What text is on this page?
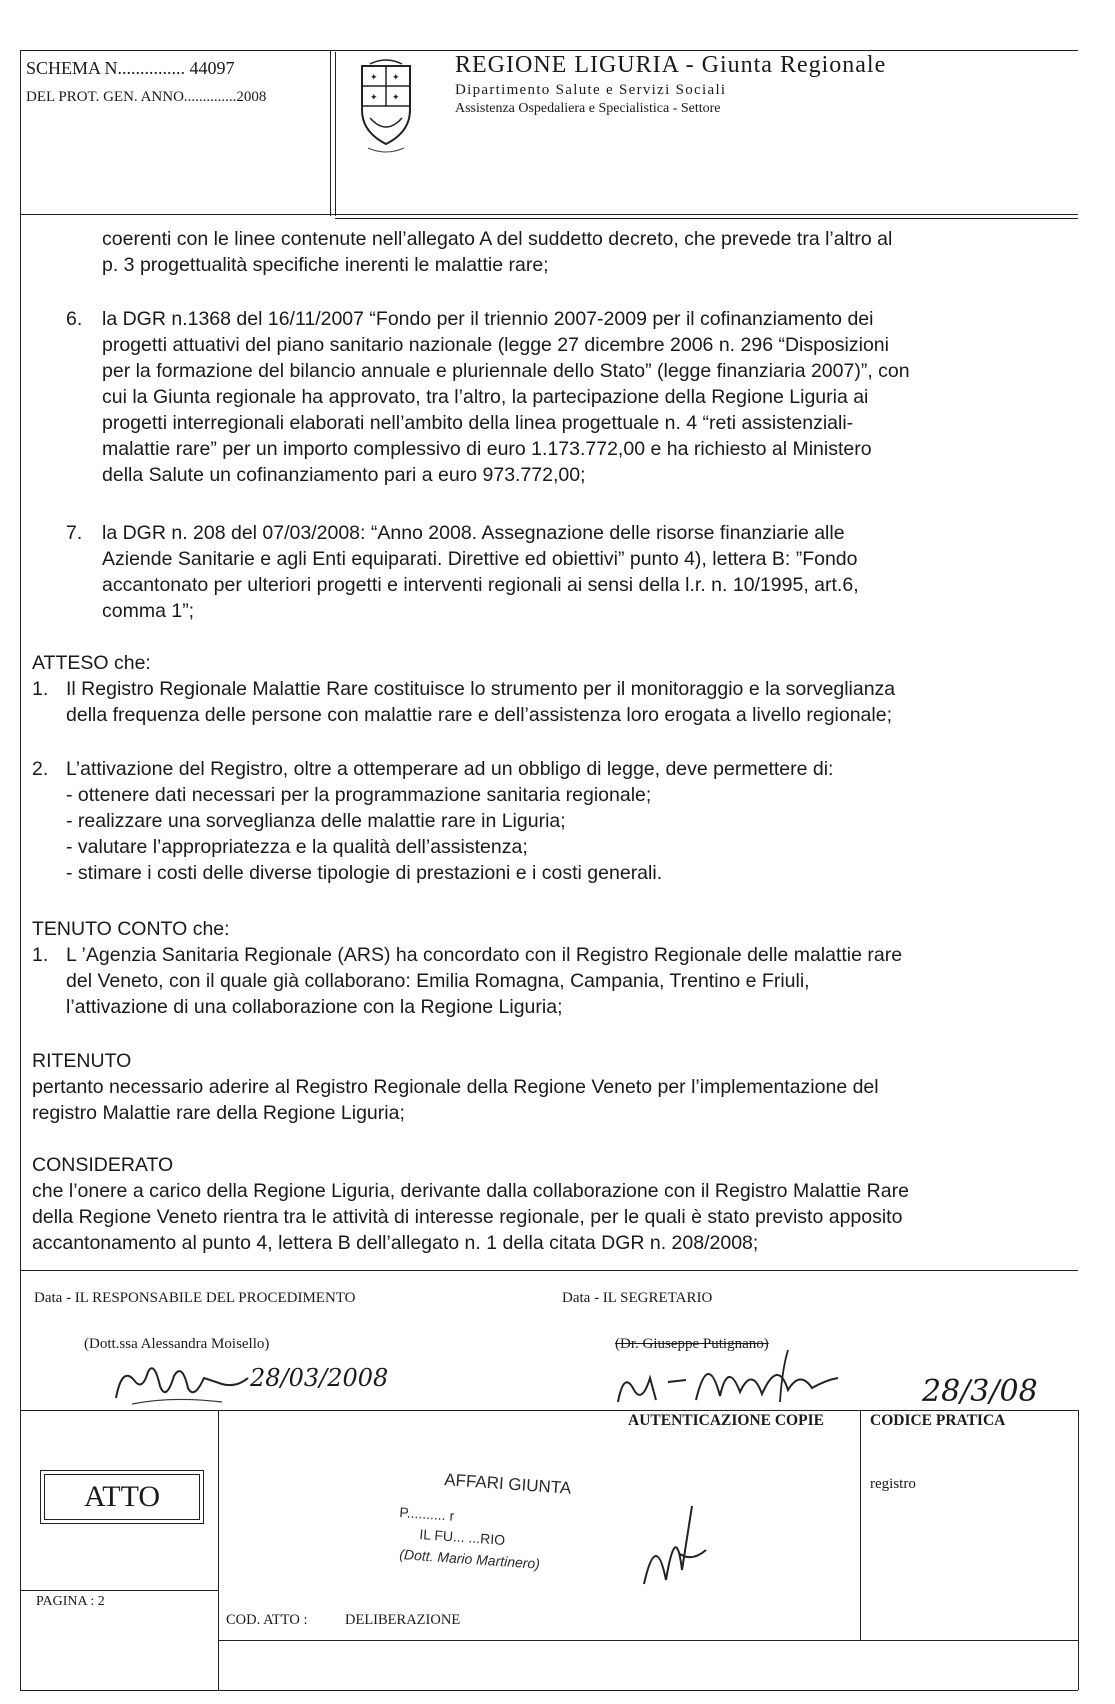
SCHEMA N............... 44097
DEL PROT. GEN. ANNO..............2008
✦ ✦
✦ ✦
REGIONE LIGURIA - Giunta Regionale
Dipartimento Salute e Servizi Sociali
Assistenza Ospedaliera e Specialistica - Settore
coerenti con le linee contenute nell’allegato A del suddetto decreto, che prevede tra l’altro al
p. 3 progettualità specifiche inerenti le malattie rare;
6. la DGR n.1368 del 16/11/2007 “Fondo per il triennio 2007-2009 per il cofinanziamento dei
progetti attuativi del piano sanitario nazionale (legge 27 dicembre 2006 n. 296 “Disposizioni
per la formazione del bilancio annuale e pluriennale dello Stato” (legge finanziaria 2007)”, con
cui la Giunta regionale ha approvato, tra l’altro, la partecipazione della Regione Liguria ai
progetti interregionali elaborati nell’ambito della linea progettuale n. 4 “reti assistenziali-
malattie rare” per un importo complessivo di euro 1.173.772,00 e ha richiesto al Ministero
della Salute un cofinanziamento pari a euro 973.772,00;
7. la DGR n. 208 del 07/03/2008: “Anno 2008. Assegnazione delle risorse finanziarie alle
Aziende Sanitarie e agli Enti equiparati. Direttive ed obiettivi” punto 4), lettera B: ”Fondo
accantonato per ulteriori progetti e interventi regionali ai sensi della l.r. n. 10/1995, art.6,
comma 1”;
ATTESO che:
1. Il Registro Regionale Malattie Rare costituisce lo strumento per il monitoraggio e la sorveglianza
della frequenza delle persone con malattie rare e dell’assistenza loro erogata a livello regionale;
2. L’attivazione del Registro, oltre a ottemperare ad un obbligo di legge, deve permettere di:
- ottenere dati necessari per la programmazione sanitaria regionale;
- realizzare una sorveglianza delle malattie rare in Liguria;
- valutare l’appropriatezza e la qualità dell’assistenza;
- stimare i costi delle diverse tipologie di prestazioni e i costi generali.
TENUTO CONTO che:
1. L ’Agenzia Sanitaria Regionale (ARS) ha concordato con il Registro Regionale delle malattie rare
del Veneto, con il quale già collaborano: Emilia Romagna, Campania, Trentino e Friuli,
l’attivazione di una collaborazione con la Regione Liguria;
RITENUTO
pertanto necessario aderire al Registro Regionale della Regione Veneto per l’implementazione del
registro Malattie rare della Regione Liguria;
CONSIDERATO
che l’onere a carico della Regione Liguria, derivante dalla collaborazione con il Registro Malattie Rare
della Regione Veneto rientra tra le attività di interesse regionale, per le quali è stato previsto apposito
accantonamento al punto 4, lettera B dell’allegato n. 1 della citata DGR n. 208/2008;
Data - IL RESPONSABILE DEL PROCEDIMENTO	Data - IL SEGRETARIO
(Dott.ssa Alessandra Moisello)	(Dr. Giuseppe Putignano)
28/03/2008	28/3/08
AUTENTICAZIONE COPIE	CODICE PRATICA
registro
ATTO
PAGINA : 2
COD. ATTO :	DELIBERAZIONE
AFFARI GIUNTA
P.......... r
IL FU... ...RIO
(Dott. Mario Martinero)
